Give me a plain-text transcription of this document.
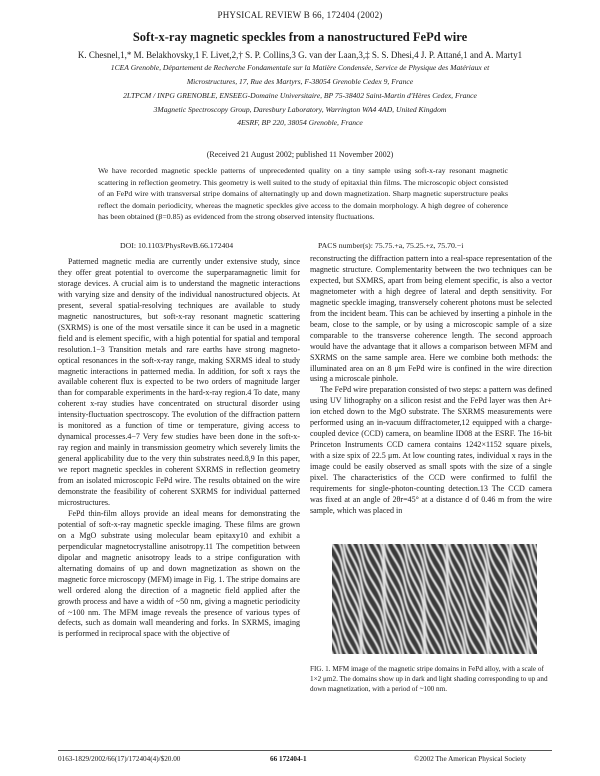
PHYSICAL REVIEW B 66, 172404 (2002)
Soft-x-ray magnetic speckles from a nanostructured FePd wire
K. Chesnel,1,* M. Belakhovsky,1 F. Livet,2,† S. P. Collins,3 G. van der Laan,3,‡ S. S. Dhesi,4 J. P. Attané,1 and A. Marty1
1CEA Grenoble, Département de Recherche Fondamentale sur la Matière Condensée, Service de Physique des Matériaux et
Microstructures, 17, Rue des Martyrs, F-38054 Grenoble Cedex 9, France
2LTPCM / INPG GRENOBLE, ENSEEG-Domaine Universitaire, BP 75-38402 Saint-Martin d'Hères Cedex, France
3Magnetic Spectroscopy Group, Daresbury Laboratory, Warrington WA4 4AD, United Kingdom
4ESRF, BP 220, 38054 Grenoble, France
(Received 21 August 2002; published 11 November 2002)
We have recorded magnetic speckle patterns of unprecedented quality on a tiny sample using soft-x-ray resonant magnetic scattering in reflection geometry. This geometry is well suited to the study of epitaxial thin films. The microscopic object consisted of an FePd wire with transversal stripe domains of alternatingly up and down magnetization. Sharp magnetic superstructure peaks reflect the domain periodicity, whereas the magnetic speckles give access to the domain morphology. A high degree of coherence has been obtained (β=0.85) as evidenced from the strong observed intensity fluctuations.
DOI: 10.1103/PhysRevB.66.172404	PACS number(s): 75.75.+a, 75.25.+z, 75.70.−i

Patterned magnetic media are currently under extensive study, since they offer great potential to overcome the superparamagnetic limit for storage devices. A crucial aim is to understand the magnetic interactions with varying size and density of the individual nanostructured objects. At present, several spatial-resolving techniques are available to study magnetic nanostructures, but soft-x-ray resonant magnetic scattering (SXRMS) is one of the most versatile since it can be used in a magnetic field and is element specific, with a high potential for spatial and temporal resolution.1−3 Transition metals and rare earths have strong magneto-optical resonances in the soft-x-ray range, making SXRMS ideal to study magnetic interactions in patterned media. In addition, for soft x rays the available coherent flux is expected to be two orders of magnitude larger than for comparable experiments in the hard-x-ray region.4 To date, many coherent x-ray studies have concentrated on structural disorder using intensity-fluctuation spectroscopy. The evolution of the diffraction pattern is monitored as a function of time or temperature, giving access to dynamical processes.4−7 Very few studies have been done in the soft-x-ray region and mainly in transmission geometry which severely limits the general applicability due to the very thin substrates need.8,9 In this paper, we report magnetic speckles in coherent SXRMS in reflection geometry from an isolated microscopic FePd wire. The results obtained on the wire demonstrate the feasibility of coherent SXRMS for individual patterned microstructures.

FePd thin-film alloys provide an ideal means for demonstrating the potential of soft-x-ray magnetic speckle imaging. These films are grown on a MgO substrate using molecular beam epitaxy10 and exhibit a perpendicular magnetocrystalline anisotropy.11 The competition between dipolar and magnetic anisotropy leads to a stripe configuration with alternating domains of up and down magnetization as shown on the magnetic force microscopy (MFM) image in Fig. 1. The stripe domains are well ordered along the direction of a magnetic field applied after the growth process and have a width of ~50 nm, giving a magnetic periodicity of ~100 nm. The MFM image reveals the presence of various types of defects, such as domain wall meandering and forks. In SXRMS, imaging is performed in reciprocal space with the objective of

reconstructing the diffraction pattern into a real-space representation of the magnetic structure. Complementarity between the two techniques can be expected, but SXMRS, apart from being element specific, is also a vector magnetometer with a high degree of lateral and depth sensitivity. For magnetic speckle imaging, transversely coherent photons must be selected from the incident beam. This can be achieved by inserting a pinhole in the beam, close to the sample, or by using a microscopic sample of a size comparable to the transverse coherence length. The second approach would have the advantage that it allows a comparison between MFM and SXRMS on the same sample area. Here we combine both methods: the illuminated area on an 8 μm FePd wire is confined in the wire direction using a microscale pinhole.

The FePd wire preparation consisted of two steps: a pattern was defined using UV lithography on a silicon resist and the FePd layer was then Ar+ ion etched down to the MgO substrate. The SXRMS measurements were performed using an in-vacuum diffractometer,12 equipped with a charge-coupled device (CCD) camera, on beamline ID08 at the ESRF. The 16-bit Princeton Instruments CCD camera contains 1242×1152 square pixels, with a size spix of 22.5 μm. At low counting rates, individual x rays in the image could be easily observed as small spots with the size of a single pixel. The characteristics of the CCD were confirmed to fulfil the requirements for single-photon-counting detection.13 The CCD camera was fixed at an angle of 2θr=45° at a distance d of 0.46 m from the wire sample, which was placed in

FIG. 1. MFM image of the magnetic stripe domains in FePd alloy, with a scale of 1×2 μm2. The domains show up in dark and light shading corresponding to up and down magnetization, with a period of ~100 nm.
0163-1829/2002/66(17)/172404(4)/$20.00	66 172404-1	©2002 The American Physical Society
